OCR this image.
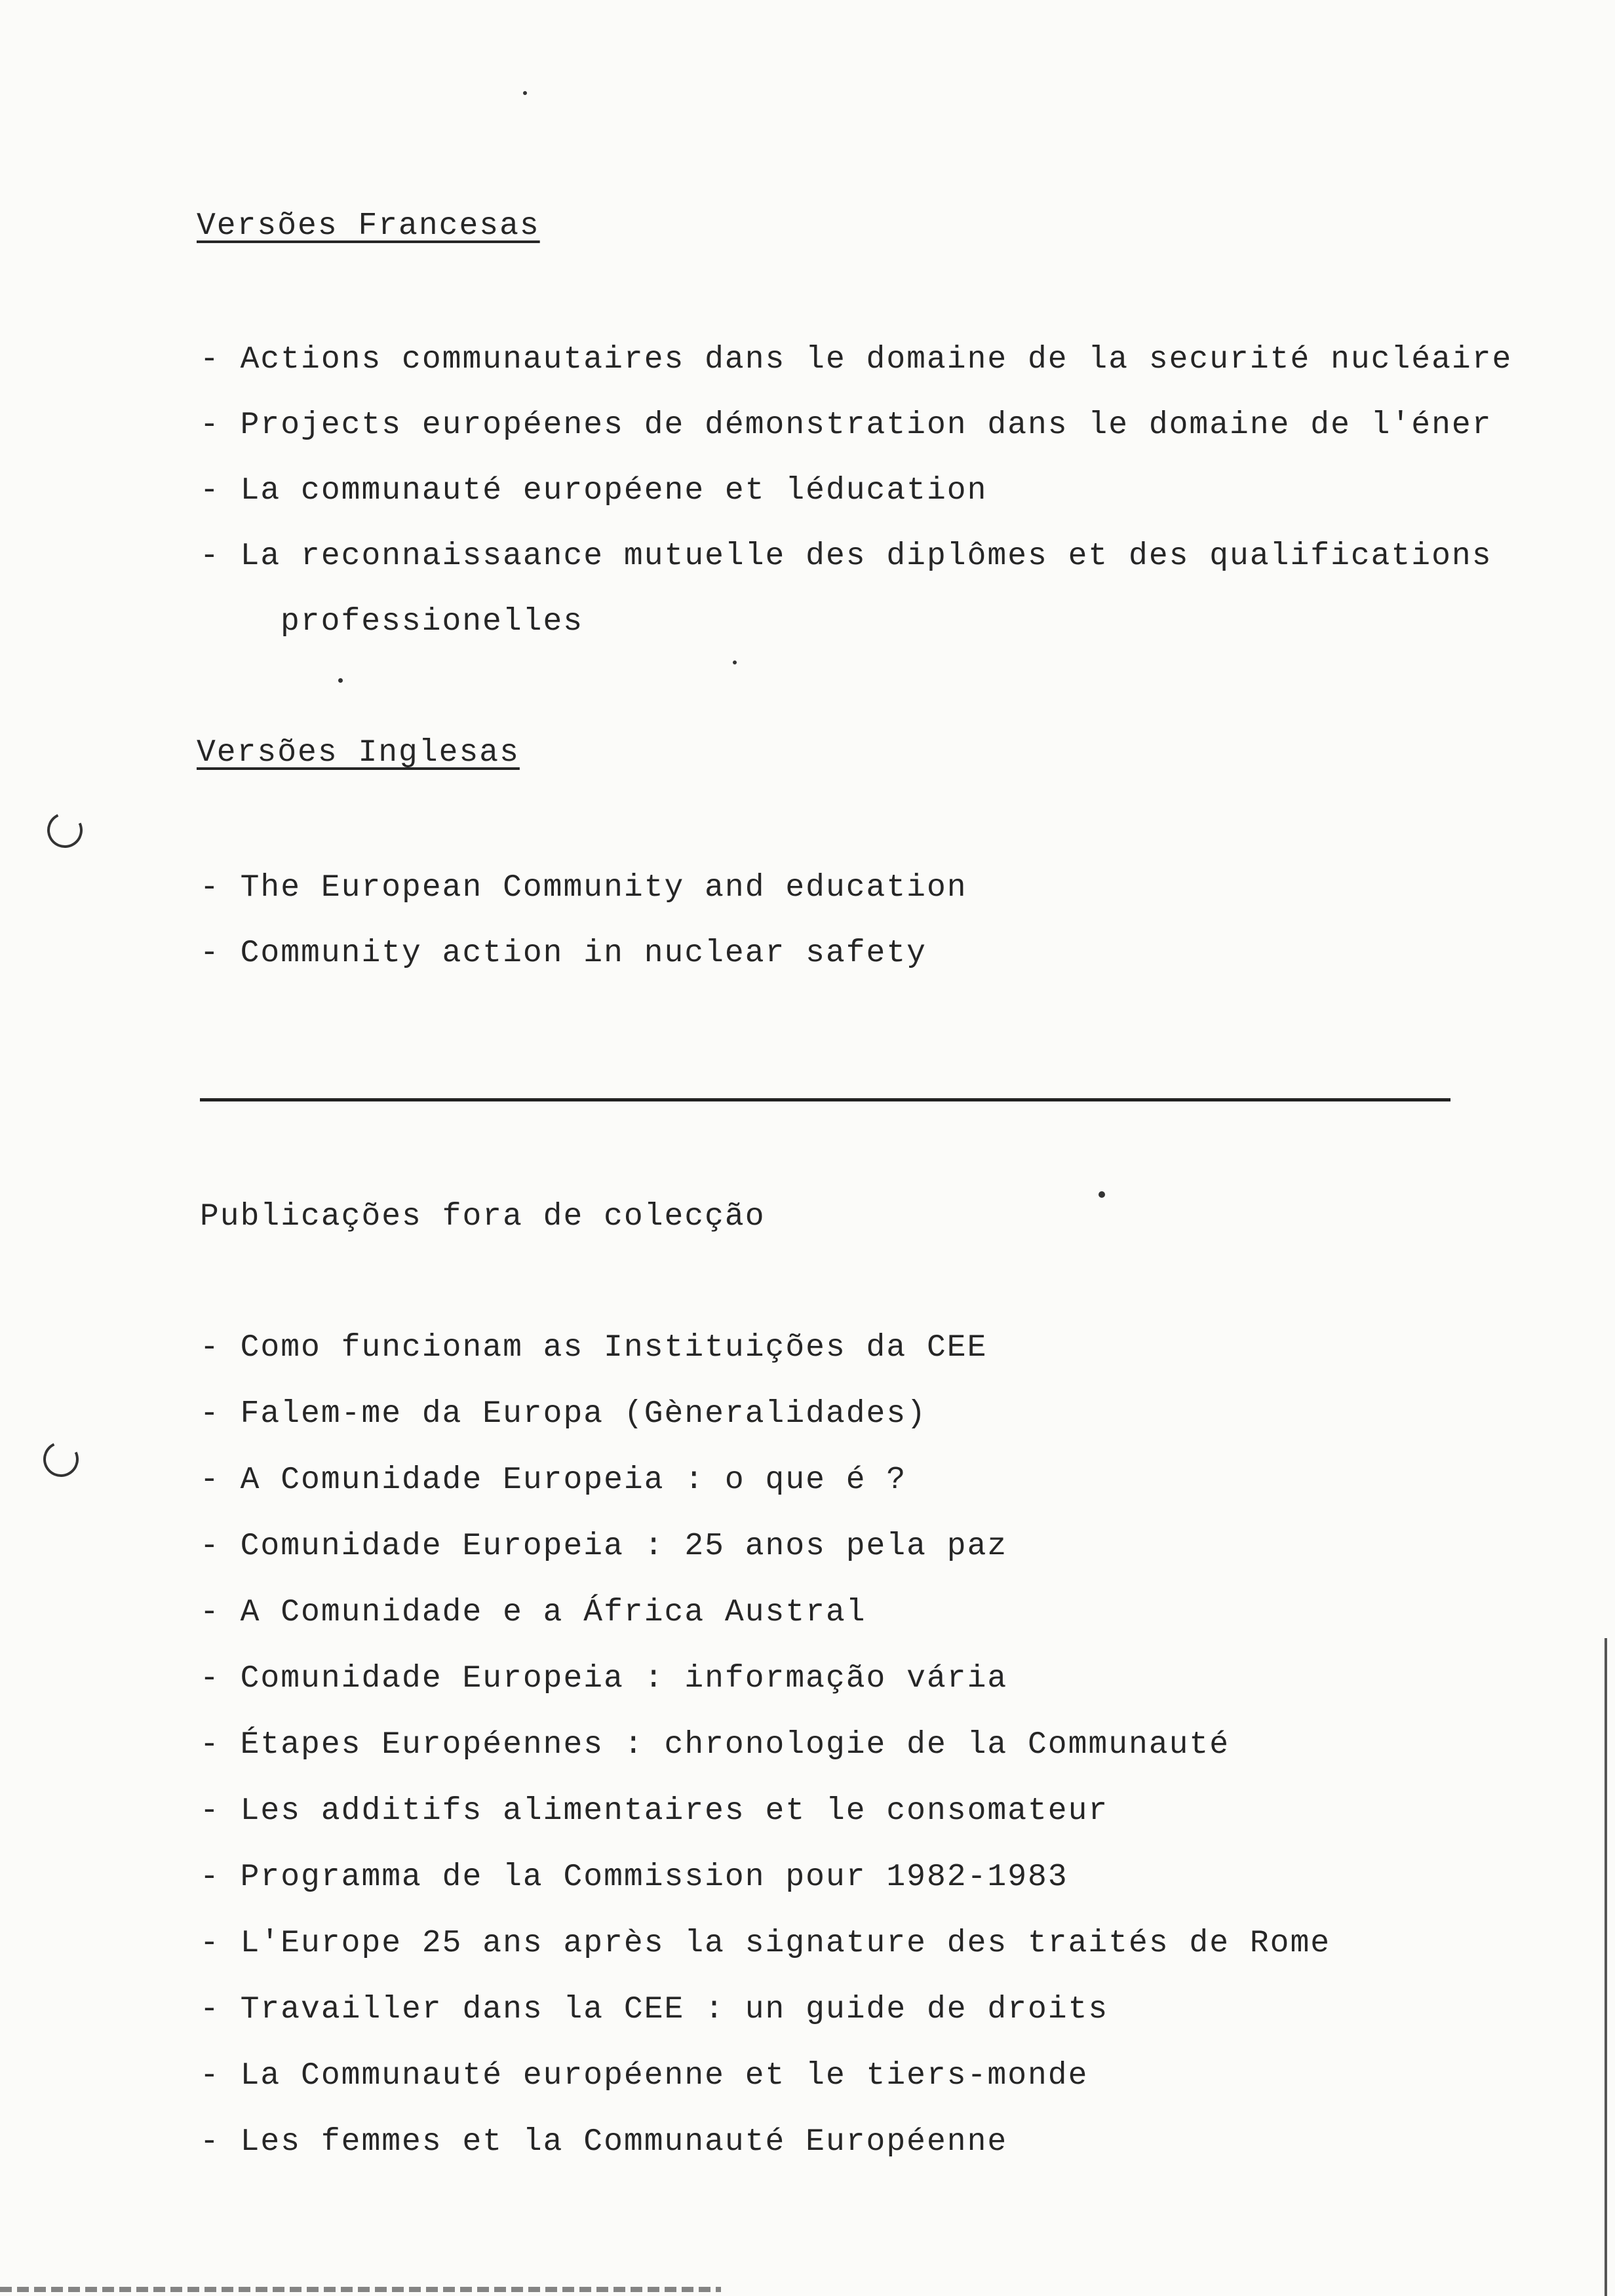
Versões Francesas

- Actions communautaires dans le domaine de la securité nucléaire

- Projects européenes de démonstration dans le domaine de l'éner

- La communauté européene et léducation

- La reconnaissaance mutuelle des diplômes et des qualifications

professionelles

Versões Inglesas

- The European Community and education

- Community action in nuclear safety

Publicações fora de colecção

- Como funcionam as Instituições da CEE

- Falem-me da Europa (Gèneralidades)

- A Comunidade Europeia : o que é ?

- Comunidade Europeia : 25 anos pela paz

- A Comunidade e a África Austral

- Comunidade Europeia : informação vária

- Étapes Européennes : chronologie de la Communauté

- Les additifs alimentaires et le consomateur

- Programma de la Commission pour 1982-1983

- L'Europe 25 ans après la signature des traités de Rome

- Travailler dans la CEE : un guide de droits

- La Communauté européenne et le tiers-monde

- Les femmes et la Communauté Européenne
